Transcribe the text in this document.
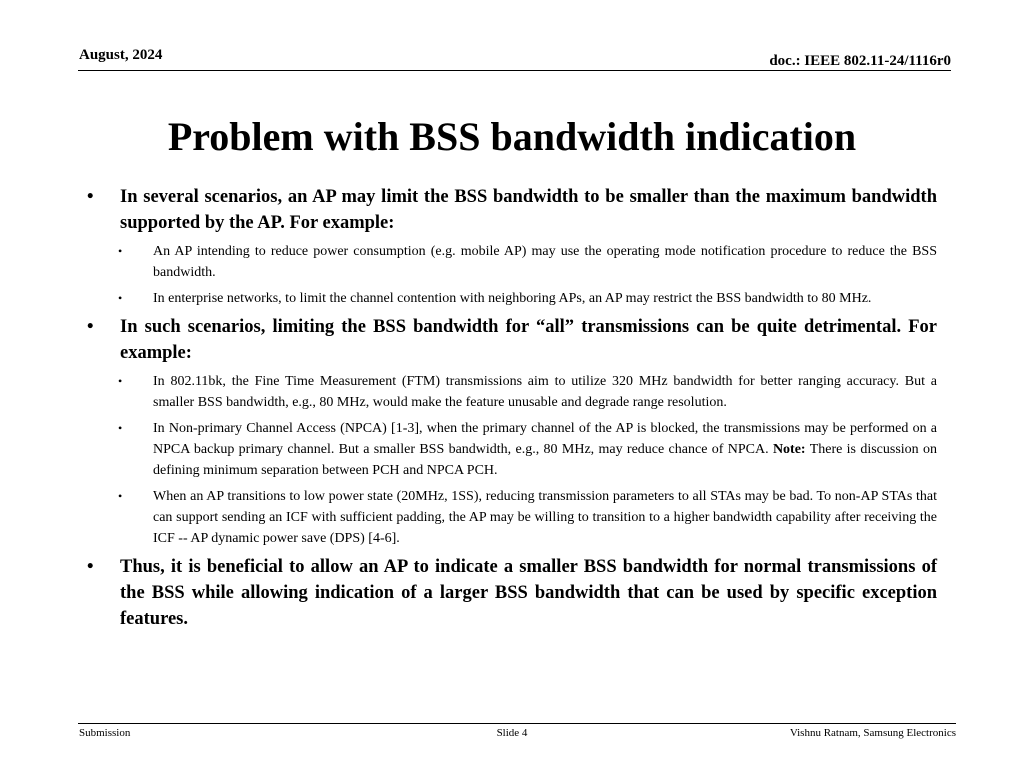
August, 2024	doc.: IEEE 802.11-24/1116r0
Problem with BSS bandwidth indication
• In several scenarios, an AP may limit the BSS bandwidth to be smaller than the maximum bandwidth supported by the AP. For example:
• An AP intending to reduce power consumption (e.g. mobile AP) may use the operating mode notification procedure to reduce the BSS bandwidth.
• In enterprise networks, to limit the channel contention with neighboring APs, an AP may restrict the BSS bandwidth to 80 MHz.
• In such scenarios, limiting the BSS bandwidth for “all” transmissions can be quite detrimental. For example:
• In 802.11bk, the Fine Time Measurement (FTM) transmissions aim to utilize 320 MHz bandwidth for better ranging accuracy. But a smaller BSS bandwidth, e.g., 80 MHz, would make the feature unusable and degrade range resolution.
• In Non-primary Channel Access (NPCA) [1-3], when the primary channel of the AP is blocked, the transmissions may be performed on a NPCA backup primary channel. But a smaller BSS bandwidth, e.g., 80 MHz, may reduce chance of NPCA. Note: There is discussion on defining minimum separation between PCH and NPCA PCH.
• When an AP transitions to low power state (20MHz, 1SS), reducing transmission parameters to all STAs may be bad. To non-AP STAs that can support sending an ICF with sufficient padding, the AP may be willing to transition to a higher bandwidth capability after receiving the ICF -- AP dynamic power save (DPS) [4-6].
• Thus, it is beneficial to allow an AP to indicate a smaller BSS bandwidth for normal transmissions of the BSS while allowing indication of a larger BSS bandwidth that can be used by specific exception features.
Submission	Slide 4	Vishnu Ratnam, Samsung Electronics
